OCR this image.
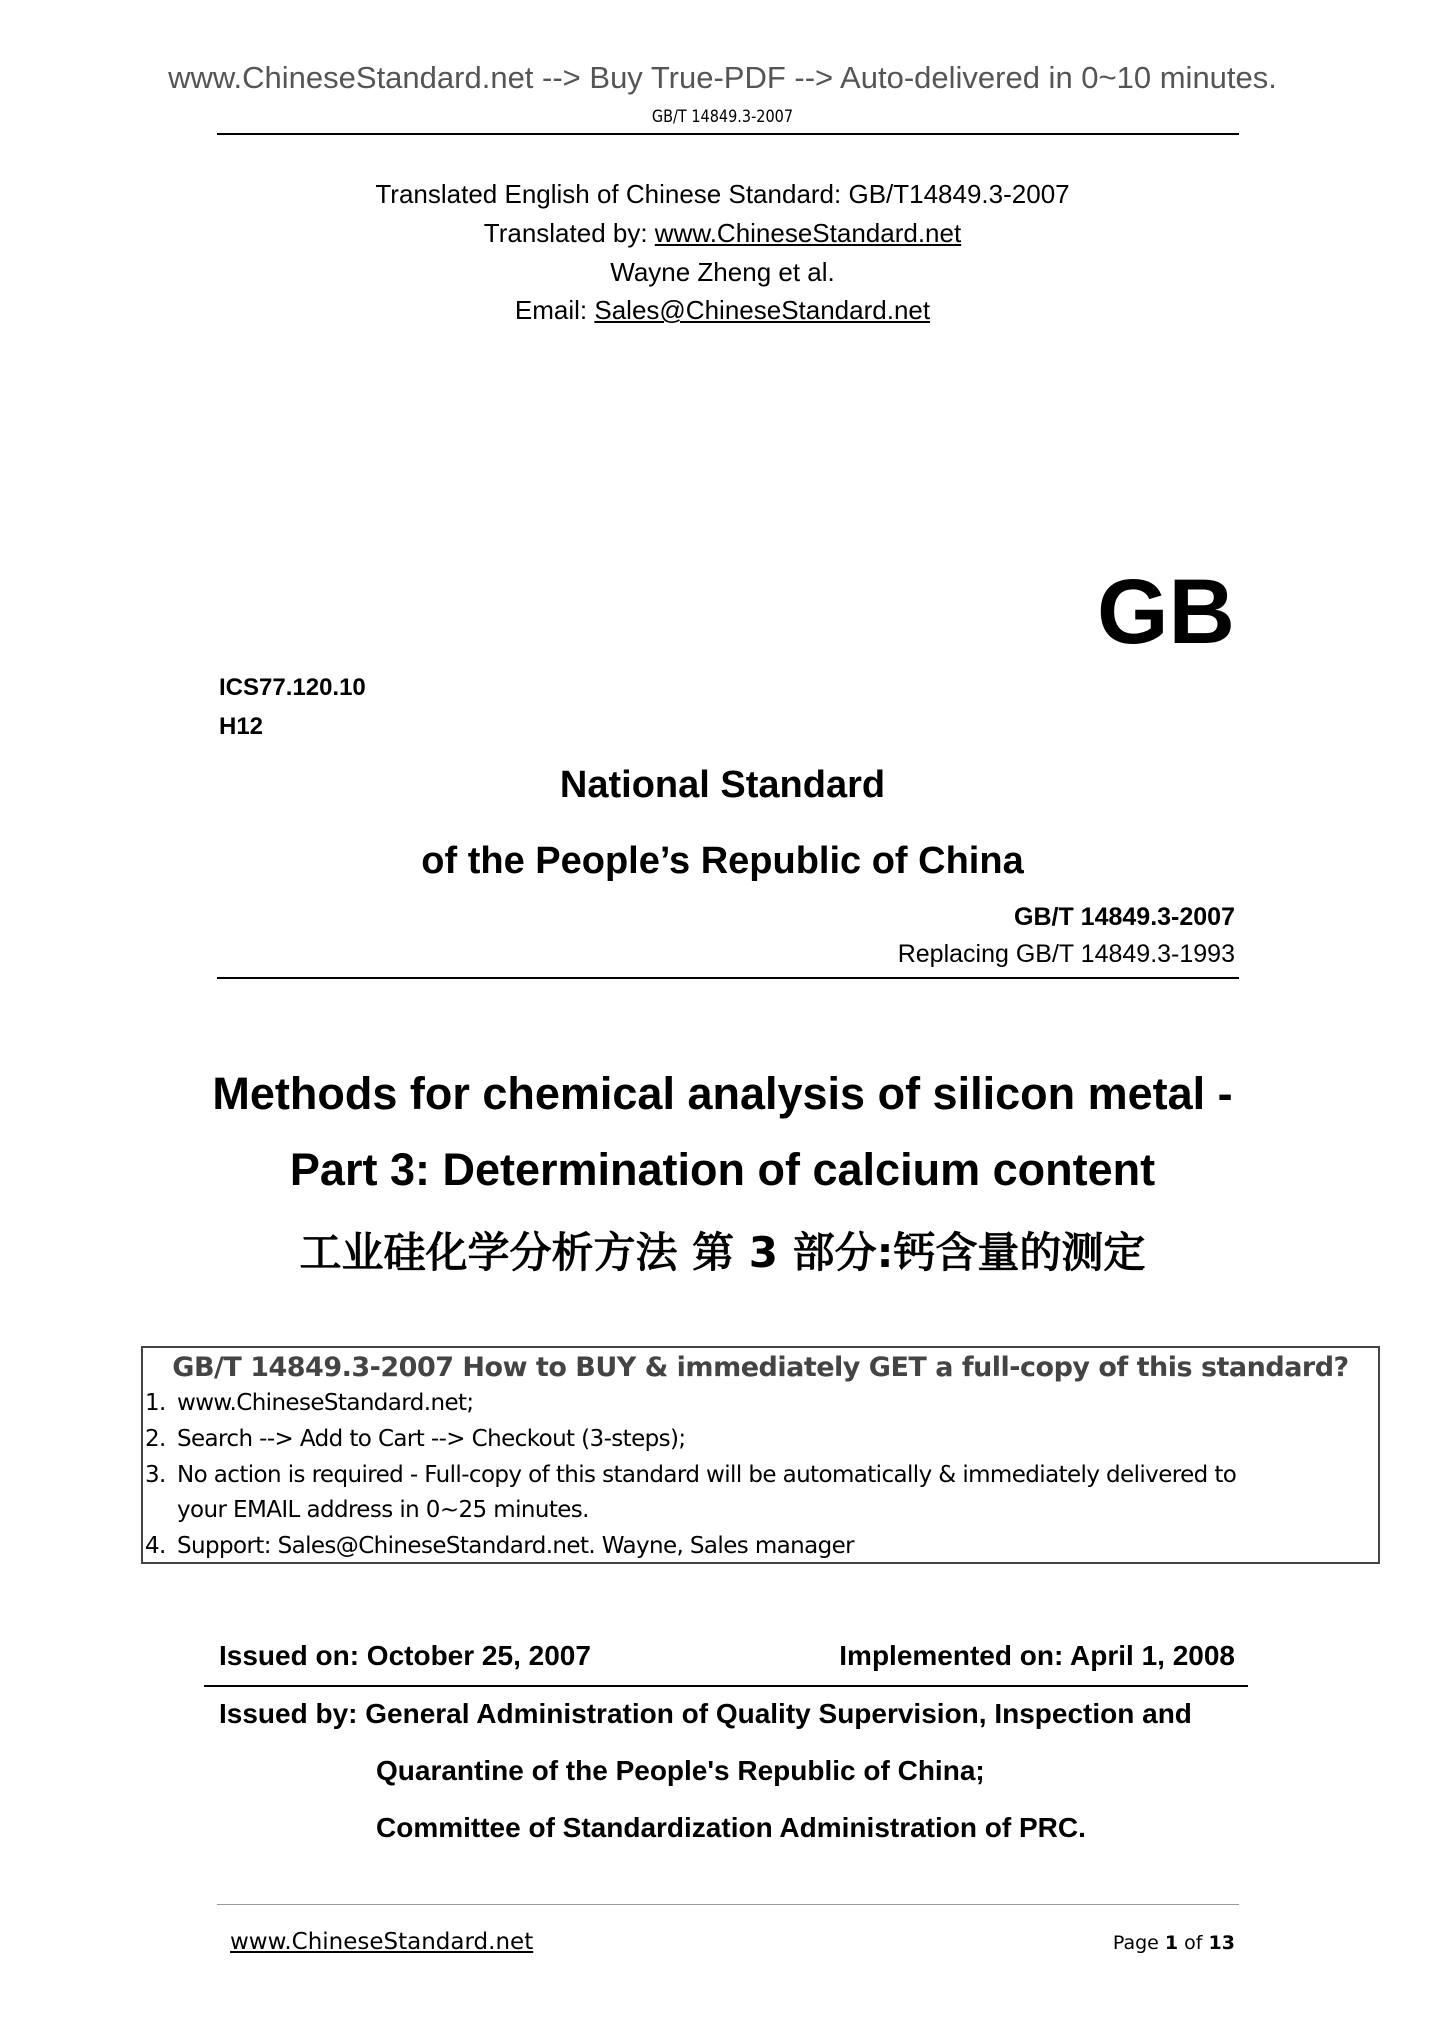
www.ChineseStandard.net --> Buy True-PDF --> Auto-delivered in 0~10 minutes.
GB/T 14849.3-2007
Translated English of Chinese Standard: GB/T14849.3-2007
Translated by: www.ChineseStandard.net
Wayne Zheng et al.
Email: Sales@ChineseStandard.net
GB
ICS77.120.10
H12
National Standard
of the People’s Republic of China
GB/T 14849.3-2007
Replacing GB/T 14849.3-1993
Methods for chemical analysis of silicon metal -
Part 3: Determination of calcium content
工业硅化学分析方法 第 3 部分:钙含量的测定
GB/T 14849.3-2007 How to BUY & immediately GET a full-copy of this standard?
1. www.ChineseStandard.net;
2. Search --> Add to Cart --> Checkout (3-steps);
3. No action is required - Full-copy of this standard will be automatically & immediately delivered to
your EMAIL address in 0~25 minutes.
4. Support: Sales@ChineseStandard.net. Wayne, Sales manager
Issued on: October 25, 2007	Implemented on: April 1, 2008
Issued by: General Administration of Quality Supervision, Inspection and
Quarantine of the People's Republic of China;
Committee of Standardization Administration of PRC.
www.ChineseStandard.net	Page 1 of 13
